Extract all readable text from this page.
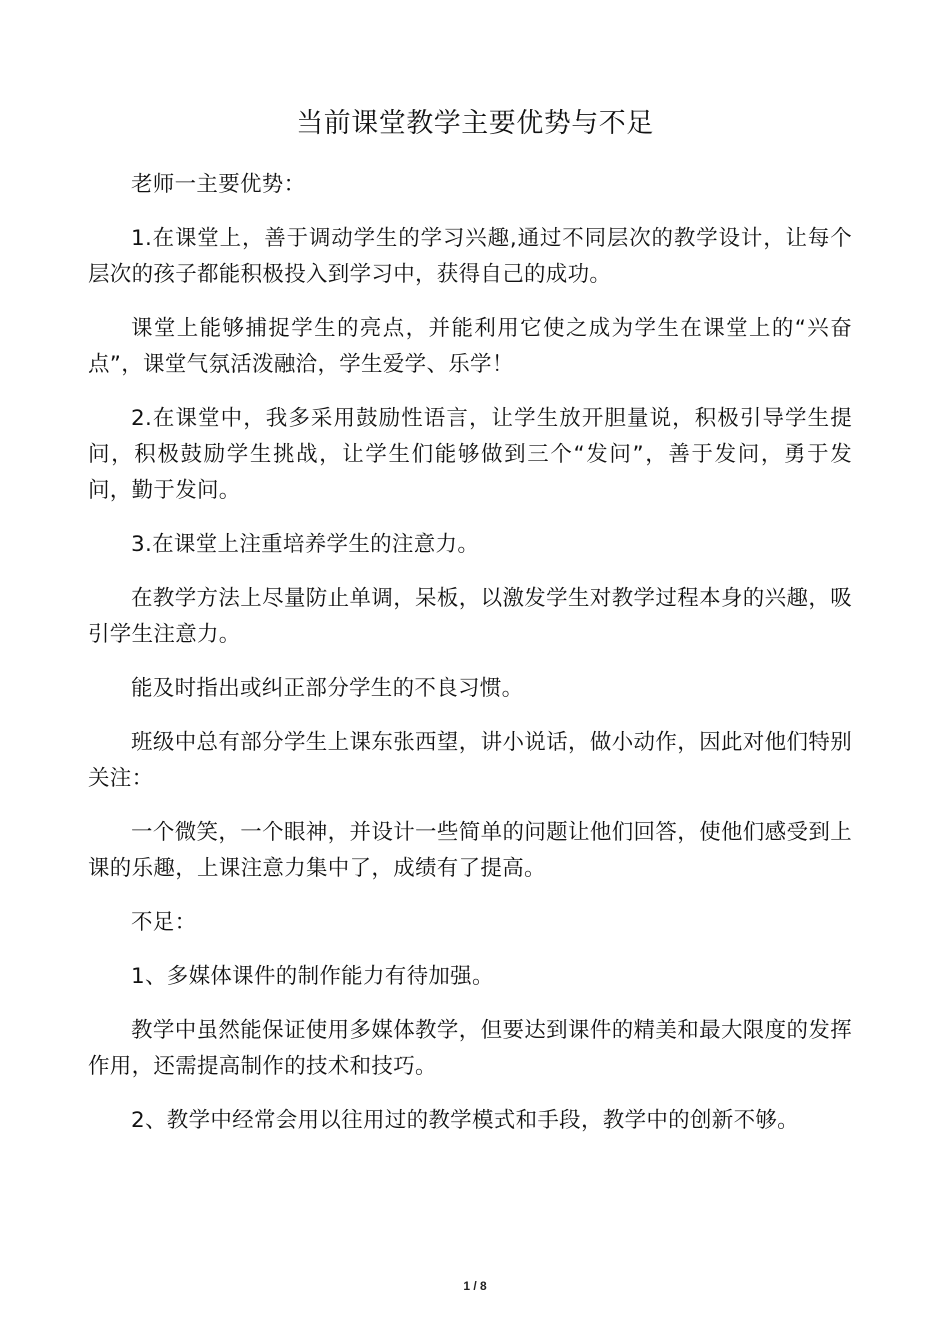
当前课堂教学主要优势与不足

老师一主要优势：

1.在课堂上，善于调动学生的学习兴趣,通过不同层次的教学设计，让每个层次的孩子都能积极投入到学习中，获得自己的成功。

课堂上能够捕捉学生的亮点，并能利用它使之成为学生在课堂上的“兴奋点”，课堂气氛活泼融洽，学生爱学、乐学！

2.在课堂中，我多采用鼓励性语言，让学生放开胆量说，积极引导学生提问，积极鼓励学生挑战，让学生们能够做到三个“发问”，善于发问，勇于发问，勤于发问。

3.在课堂上注重培养学生的注意力。

在教学方法上尽量防止单调，呆板，以激发学生对教学过程本身的兴趣，吸引学生注意力。

能及时指出或纠正部分学生的不良习惯。

班级中总有部分学生上课东张西望，讲小说话，做小动作，因此对他们特别关注：

一个微笑，一个眼神，并设计一些简单的问题让他们回答，使他们感受到上课的乐趣，上课注意力集中了，成绩有了提高。

不足：

1、多媒体课件的制作能力有待加强。

教学中虽然能保证使用多媒体教学，但要达到课件的精美和最大限度的发挥作用，还需提高制作的技术和技巧。

2、教学中经常会用以往用过的教学模式和手段，教学中的创新不够。

1 / 8
